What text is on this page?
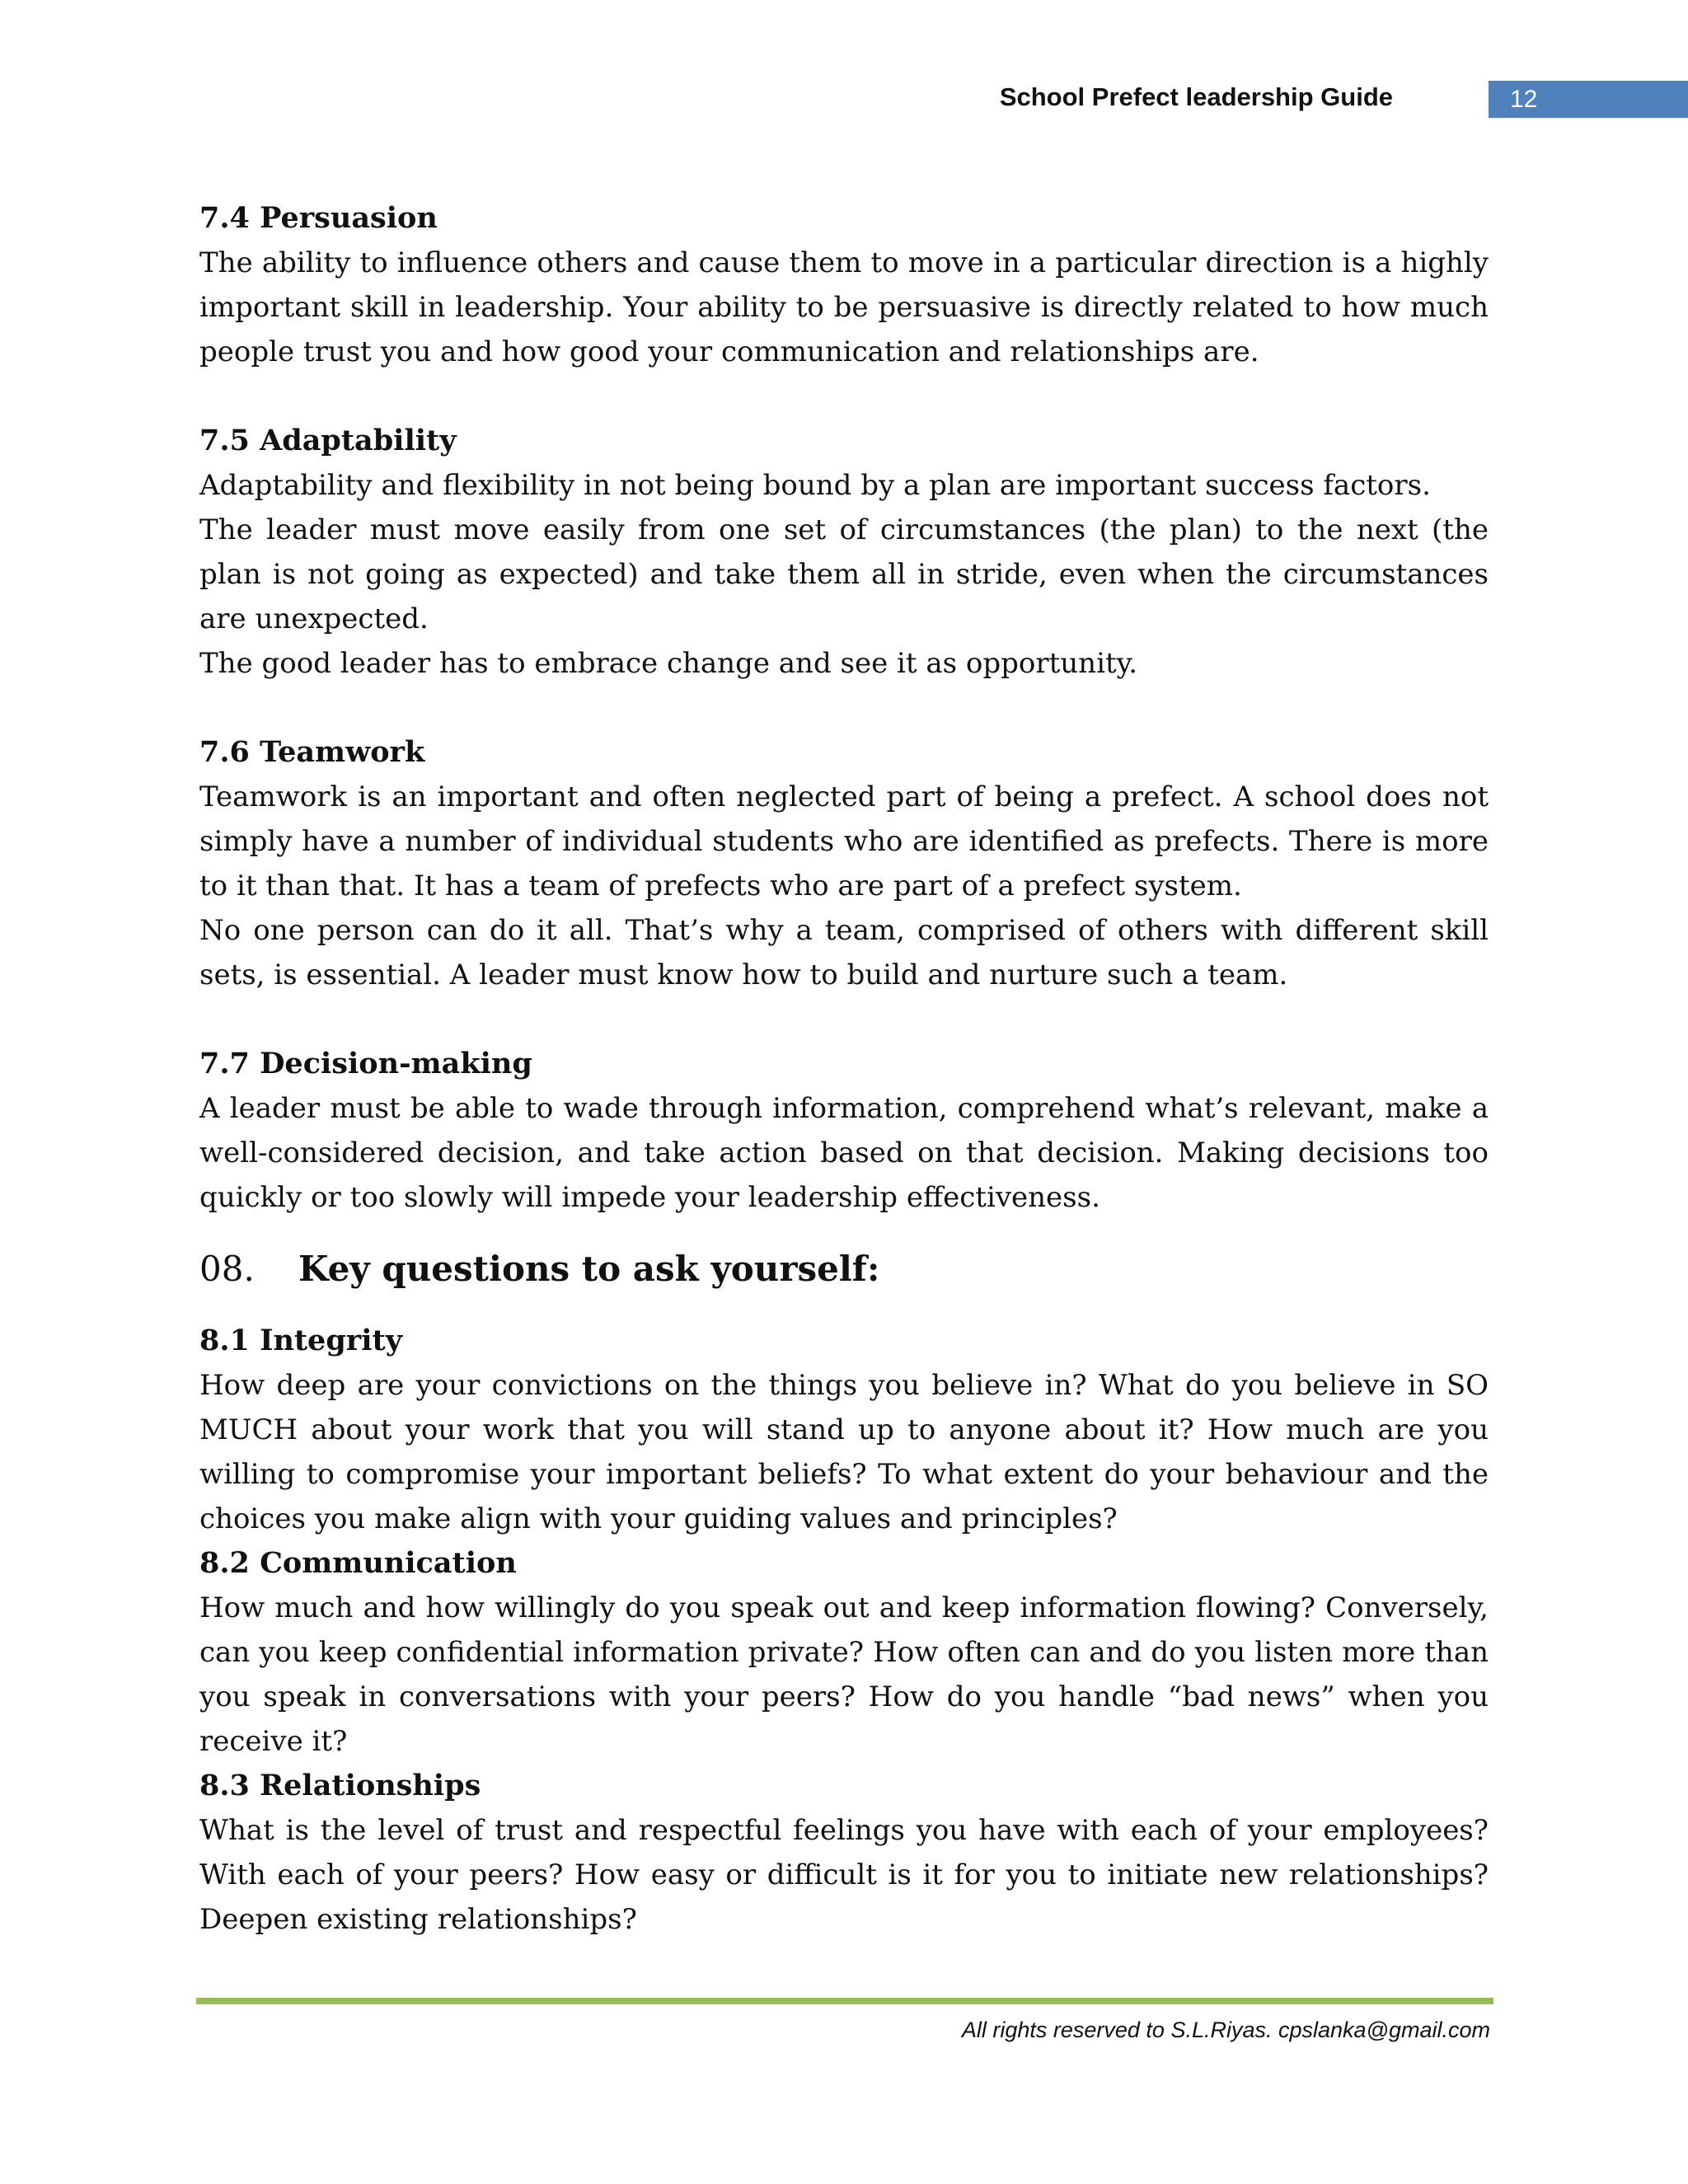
School Prefect leadership Guide	12
7.4 Persuasion

The ability to influence others and cause them to move in a particular direction is a highly important skill in leadership. Your ability to be persuasive is directly related to how much people trust you and how good your communication and relationships are.

7.5 Adaptability

Adaptability and flexibility in not being bound by a plan are important success factors.

The leader must move easily from one set of circumstances (the plan) to the next (the plan is not going as expected) and take them all in stride, even when the circumstances are unexpected.

The good leader has to embrace change and see it as opportunity.

7.6 Teamwork

Teamwork is an important and often neglected part of being a prefect. A school does not simply have a number of individual students who are identified as prefects. There is more to it than that. It has a team of prefects who are part of a prefect system.

No one person can do it all. That’s why a team, comprised of others with different skill sets, is essential. A leader must know how to build and nurture such a team.

7.7 Decision-making

A leader must be able to wade through information, comprehend what’s relevant, make a well-considered decision, and take action based on that decision. Making decisions too quickly or too slowly will impede your leadership effectiveness.

08.	Key questions to ask yourself:
8.1 Integrity

How deep are your convictions on the things you believe in? What do you believe in SO MUCH about your work that you will stand up to anyone about it? How much are you willing to compromise your important beliefs? To what extent do your behaviour and the choices you make align with your guiding values and principles?

8.2 Communication

How much and how willingly do you speak out and keep information flowing? Conversely, can you keep confidential information private? How often can and do you listen more than you speak in conversations with your peers? How do you handle “bad news” when you receive it?

8.3 Relationships

What is the level of trust and respectful feelings you have with each of your employees? With each of your peers? How easy or difficult is it for you to initiate new relationships? Deepen existing relationships?

All rights reserved to S.L.Riyas. cpslanka@gmail.com
